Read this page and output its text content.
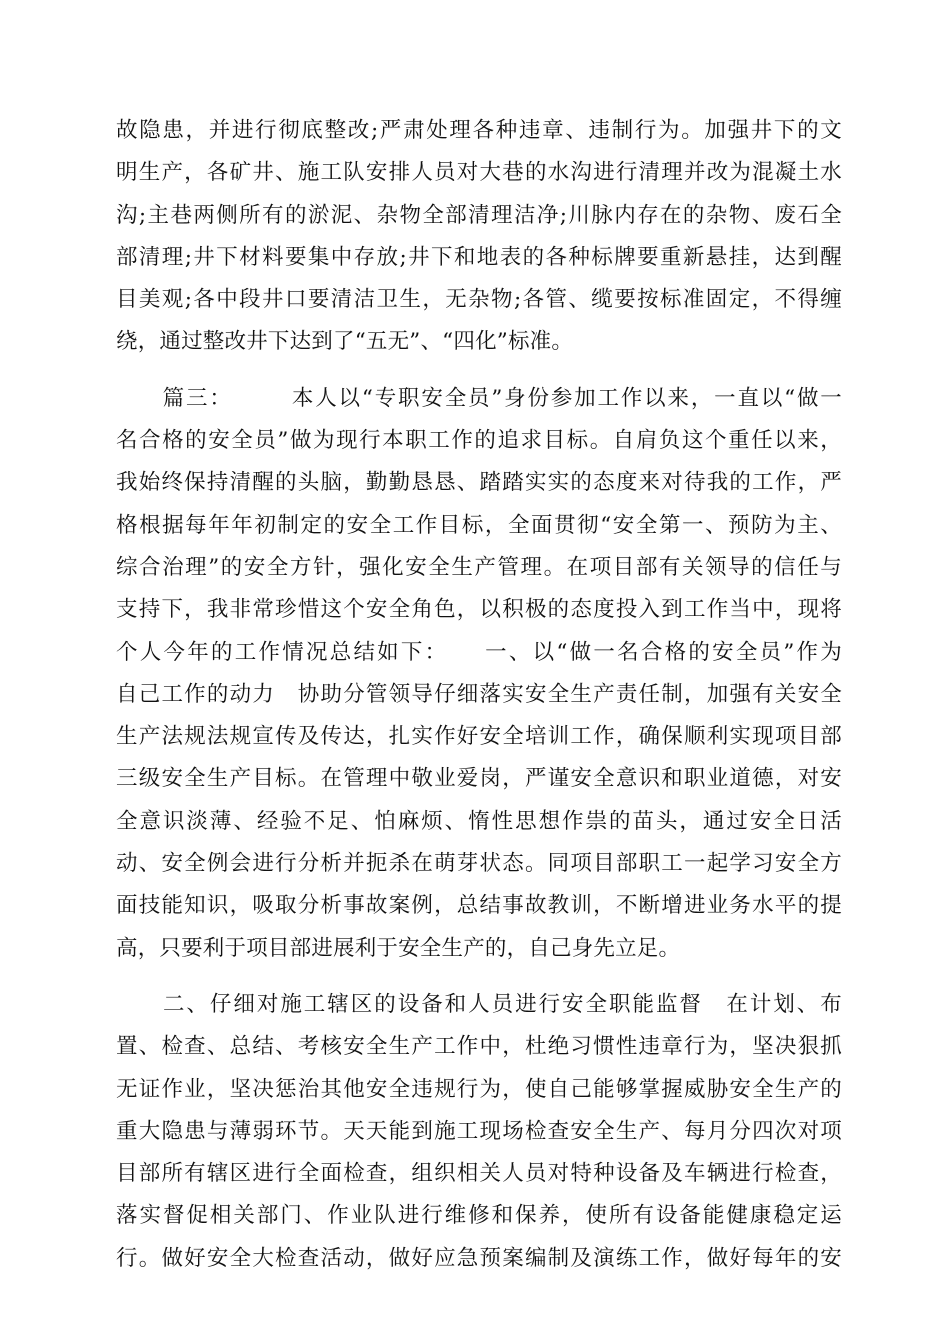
故隐患，并进行彻底整改;严肃处理各种违章、违制行为。加强井下的文
明生产，各矿井、施工队安排人员对大巷的水沟进行清理并改为混凝土水
沟;主巷两侧所有的淤泥、杂物全部清理洁净;川脉内存在的杂物、废石全
部清理;井下材料要集中存放;井下和地表的各种标牌要重新悬挂，达到醒
目美观;各中段井口要清洁卫生，无杂物;各管、缆要按标准固定，不得缠
绕，通过整改井下达到了“五无”、“四化”标准。
　　篇三：　　　本人以“专职安全员”身份参加工作以来，一直以“做一
名合格的安全员”做为现行本职工作的追求目标。自肩负这个重任以来，
我始终保持清醒的头脑，勤勤恳恳、踏踏实实的态度来对待我的工作，严
格根据每年年初制定的安全工作目标，全面贯彻“安全第一、预防为主、
综合治理”的安全方针，强化安全生产管理。在项目部有关领导的信任与
支持下，我非常珍惜这个安全角色，以积极的态度投入到工作当中，现将
个人今年的工作情况总结如下：　　一、以“做一名合格的安全员”作为
自己工作的动力　协助分管领导仔细落实安全生产责任制，加强有关安全
生产法规法规宣传及传达，扎实作好安全培训工作，确保顺利实现项目部
三级安全生产目标。在管理中敬业爱岗，严谨安全意识和职业道德，对安
全意识淡薄、经验不足、怕麻烦、惰性思想作祟的苗头，通过安全日活
动、安全例会进行分析并扼杀在萌芽状态。同项目部职工一起学习安全方
面技能知识，吸取分析事故案例，总结事故教训，不断增进业务水平的提
高，只要利于项目部进展利于安全生产的，自己身先立足。
　　二、仔细对施工辖区的设备和人员进行安全职能监督　在计划、布
置、检查、总结、考核安全生产工作中，杜绝习惯性违章行为，坚决狠抓
无证作业，坚决惩治其他安全违规行为，使自己能够掌握威胁安全生产的
重大隐患与薄弱环节。天天能到施工现场检查安全生产、每月分四次对项
目部所有辖区进行全面检查，组织相关人员对特种设备及车辆进行检查，
落实督促相关部门、作业队进行维修和保养，使所有设备能健康稳定运
行。做好安全大检查活动，做好应急预案编制及演练工作，做好每年的安
